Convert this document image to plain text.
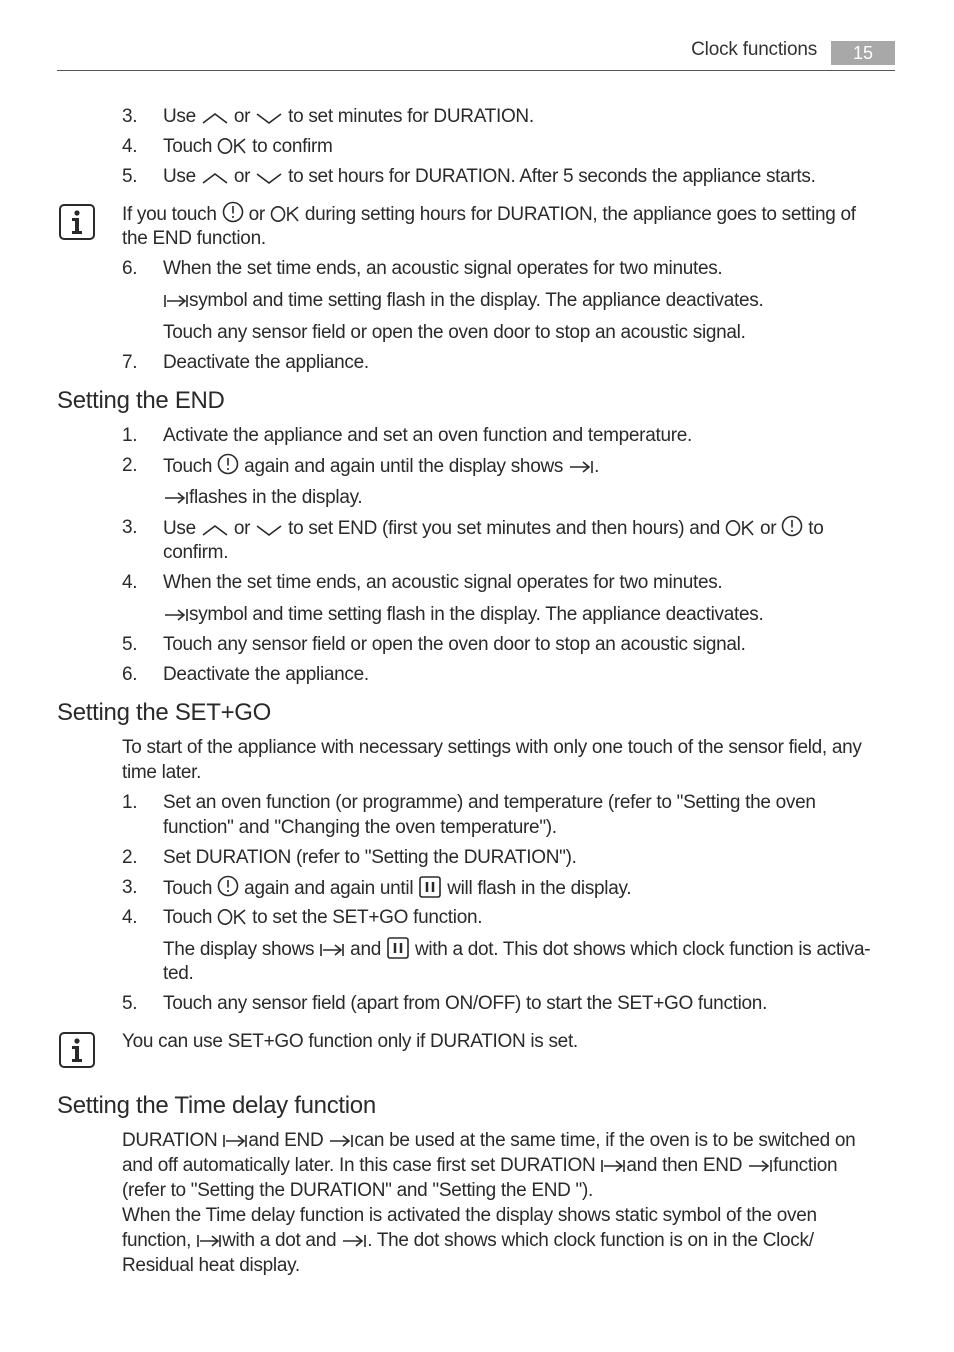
Clock functions	15
3. Use or to set minutes for DURATION.
4. Touch to confirm
5. Use or to set hours for DURATION. After 5 seconds the appliance starts.
If you touch or during setting hours for DURATION, the appliance goes to setting of
the END function.
6. When the set time ends, an acoustic signal operates for two minutes.
symbol and time setting flash in the display. The appliance deactivates.
Touch any sensor field or open the oven door to stop an acoustic signal.
7. Deactivate the appliance.
Setting the END
1. Activate the appliance and set an oven function and temperature.
2. Touch again and again until the display shows .
flashes in the display.
3. Use or to set END (first you set minutes and then hours) and or to
confirm.
4. When the set time ends, an acoustic signal operates for two minutes.
symbol and time setting flash in the display. The appliance deactivates.
5. Touch any sensor field or open the oven door to stop an acoustic signal.
6. Deactivate the appliance.
Setting the SET+GO
To start of the appliance with necessary settings with only one touch of the sensor field, any time later.
1. Set an oven function (or programme) and temperature (refer to "Setting the oven function" and "Changing the oven temperature").
2. Set DURATION (refer to "Setting the DURATION").
3. Touch again and again until will flash in the display.
4. Touch to set the SET+GO function.
The display shows and with a dot. This dot shows which clock function is activa-
ted.
5. Touch any sensor field (apart from ON/OFF) to start the SET+GO function.
You can use SET+GO function only if DURATION is set.
Setting the Time delay function
DURATION and END can be used at the same time, if the oven is to be switched on
and off automatically later. In this case first set DURATION and then END function
(refer to "Setting the DURATION" and "Setting the END ").
When the Time delay function is activated the display shows static symbol of the oven
function, with a dot and . The dot shows which clock function is on in the Clock/
Residual heat display.
